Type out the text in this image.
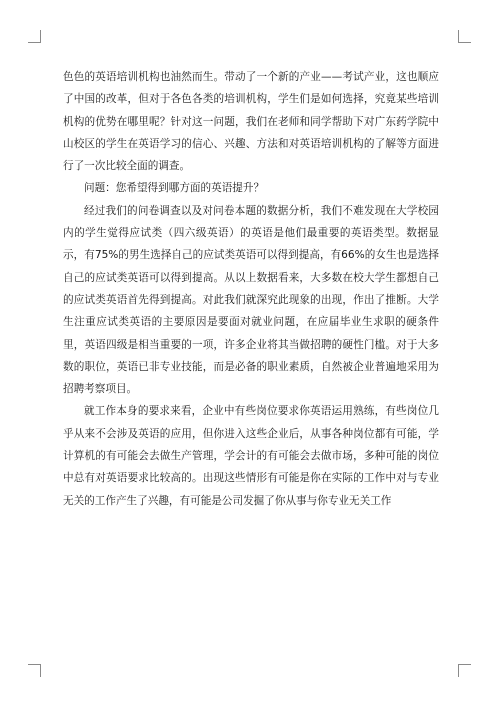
色色的英语培训机构也油然而生。带动了一个新的产业——考试产业，这也顺应了中国的改革，但对于各色各类的培训机构，学生们是如何选择，究竟某些培训机构的优势在哪里呢？针对这一问题，我们在老师和同学帮助下对广东药学院中山校区的学生在英语学习的信心、兴趣、方法和对英语培训机构的了解等方面进行了一次比较全面的调查。

问题：您希望得到哪方面的英语提升？

经过我们的问卷调查以及对问卷本题的数据分析，我们不难发现在大学校园内的学生觉得应试类（四六级英语）的英语是他们最重要的英语类型。数据显示，有75%的男生选择自己的应试类英语可以得到提高，有66%的女生也是选择自己的应试类英语可以得到提高。从以上数据看来，大多数在校大学生都想自己的应试类英语首先得到提高。对此我们就深究此现象的出现，作出了推断。大学生注重应试类英语的主要原因是要面对就业问题，在应届毕业生求职的硬条件里，英语四级是相当重要的一项，许多企业将其当做招聘的硬性门槛。对于大多数的职位，英语已非专业技能，而是必备的职业素质，自然被企业普遍地采用为招聘考察项目。

就工作本身的要求来看，企业中有些岗位要求你英语运用熟练，有些岗位几乎从来不会涉及英语的应用，但你进入这些企业后，从事各种岗位都有可能，学计算机的有可能会去做生产管理，学会计的有可能会去做市场，多种可能的岗位中总有对英语要求比较高的。出现这些情形有可能是你在实际的工作中对与专业无关的工作产生了兴趣，有可能是公司发掘了你从事与你专业无关工作
